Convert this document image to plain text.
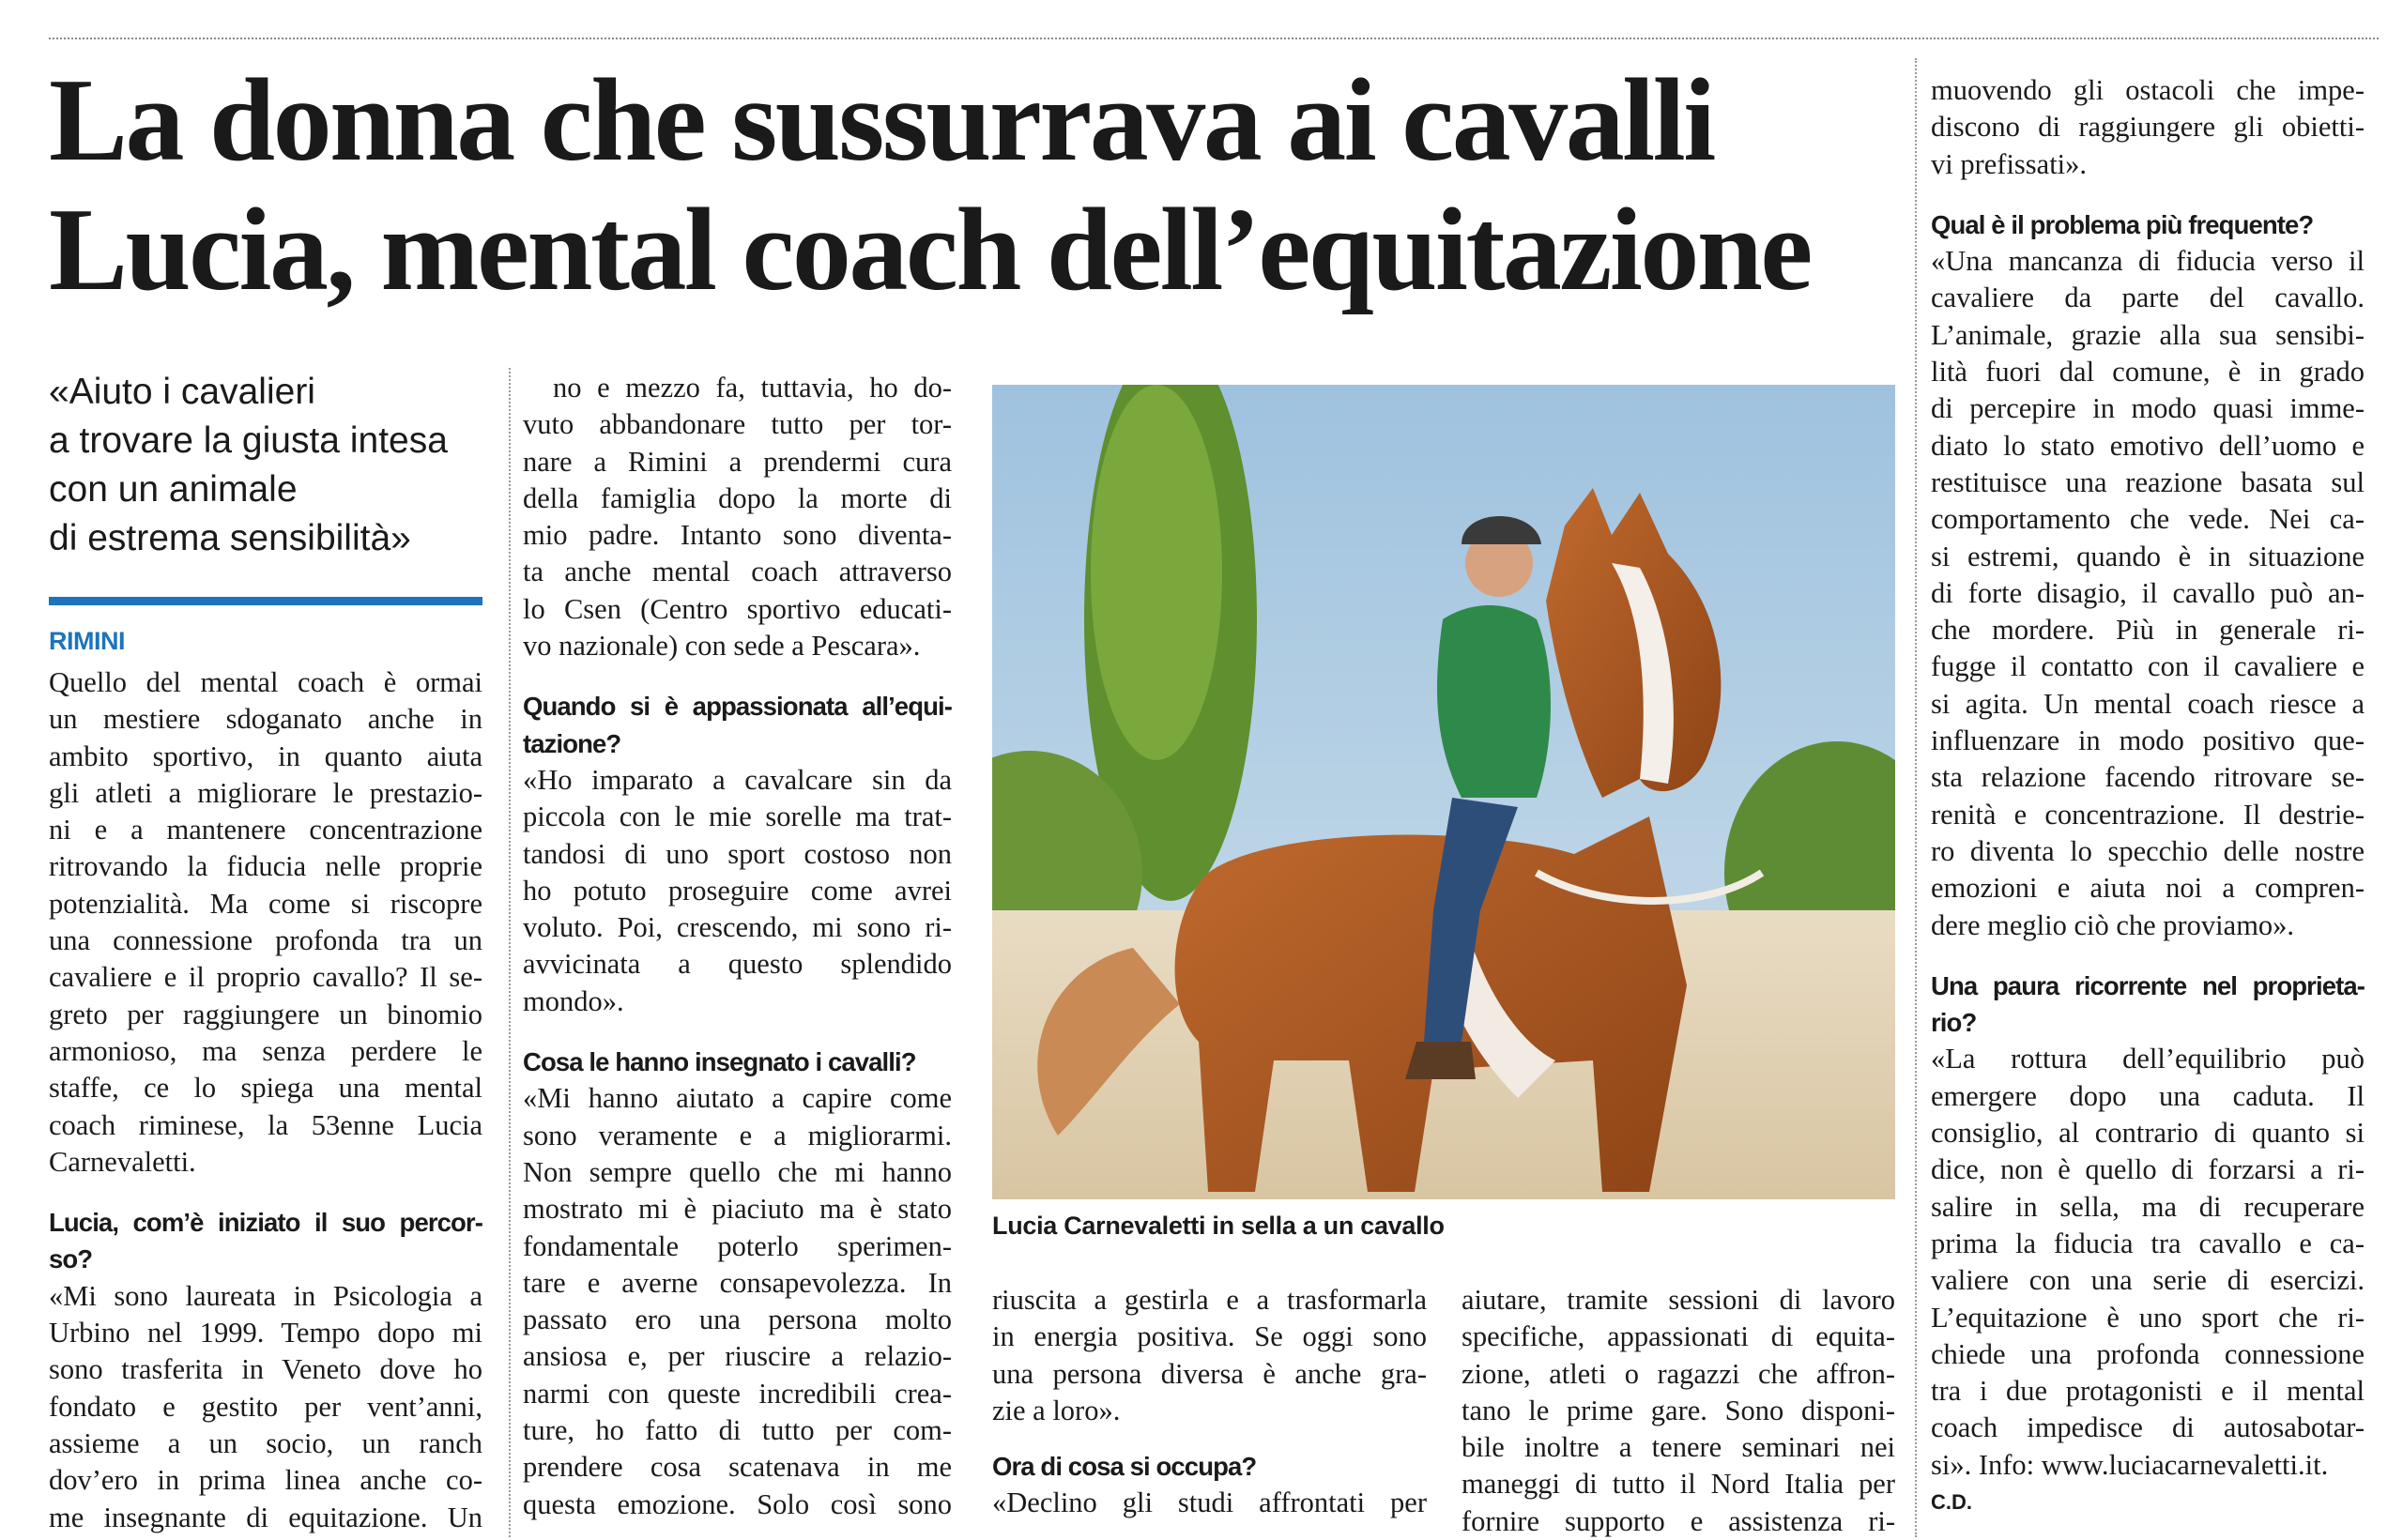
La donna che sussurrava ai cavalli
Lucia, mental coach dell’equitazione
«Aiuto i cavalieri
a trovare la giusta intesa
con un animale
di estrema sensibilità»
RIMINI
Quello del mental coach è ormai
un mestiere sdoganato anche in
ambito sportivo, in quanto aiuta
gli atleti a migliorare le prestazio-
ni e a mantenere concentrazione
ritrovando la fiducia nelle proprie
potenzialità. Ma come si riscopre
una connessione profonda tra un
cavaliere e il proprio cavallo? Il se-
greto per raggiungere un binomio
armonioso, ma senza perdere le
staffe, ce lo spiega una mental
coach riminese, la 53enne Lucia
Carnevaletti.
Lucia, com’è iniziato il suo percor-
so?
«Mi sono laureata in Psicologia a
Urbino nel 1999. Tempo dopo mi
sono trasferita in Veneto dove ho
fondato e gestito per vent’anni,
assieme a un socio, un ranch
dov’ero in prima linea anche co-
me insegnante di equitazione. Un
no e mezzo fa, tuttavia, ho do-
vuto abbandonare tutto per tor-
nare a Rimini a prendermi cura
della famiglia dopo la morte di
mio padre. Intanto sono diventa-
ta anche mental coach attraverso
lo Csen (Centro sportivo educati-
vo nazionale) con sede a Pescara».
Quando si è appassionata all’equi-
tazione?
«Ho imparato a cavalcare sin da
piccola con le mie sorelle ma trat-
tandosi di uno sport costoso non
ho potuto proseguire come avrei
voluto. Poi, crescendo, mi sono ri-
avvicinata a questo splendido
mondo».
Cosa le hanno insegnato i cavalli?
«Mi hanno aiutato a capire come
sono veramente e a migliorarmi.
Non sempre quello che mi hanno
mostrato mi è piaciuto ma è stato
fondamentale poterlo sperimen-
tare e averne consapevolezza. In
passato ero una persona molto
ansiosa e, per riuscire a relazio-
narmi con queste incredibili crea-
ture, ho fatto di tutto per com-
prendere cosa scatenava in me
questa emozione. Solo così sono
Lucia Carnevaletti in sella a un cavallo
riuscita a gestirla e a trasformarla
in energia positiva. Se oggi sono
una persona diversa è anche gra-
zie a loro».
Ora di cosa si occupa?
«Declino gli studi affrontati per
aiutare, tramite sessioni di lavoro
specifiche, appassionati di equita-
zione, atleti o ragazzi che affron-
tano le prime gare. Sono disponi-
bile inoltre a tenere seminari nei
maneggi di tutto il Nord Italia per
fornire supporto e assistenza ri-
muovendo gli ostacoli che impe-
discono di raggiungere gli obietti-
vi prefissati».
Qual è il problema più frequente?
«Una mancanza di fiducia verso il
cavaliere da parte del cavallo.
L’animale, grazie alla sua sensibi-
lità fuori dal comune, è in grado
di percepire in modo quasi imme-
diato lo stato emotivo dell’uomo e
restituisce una reazione basata sul
comportamento che vede. Nei ca-
si estremi, quando è in situazione
di forte disagio, il cavallo può an-
che mordere. Più in generale ri-
fugge il contatto con il cavaliere e
si agita. Un mental coach riesce a
influenzare in modo positivo que-
sta relazione facendo ritrovare se-
renità e concentrazione. Il destrie-
ro diventa lo specchio delle nostre
emozioni e aiuta noi a compren-
dere meglio ciò che proviamo».
Una paura ricorrente nel proprieta-
rio?
«La rottura dell’equilibrio può
emergere dopo una caduta. Il
consiglio, al contrario di quanto si
dice, non è quello di forzarsi a ri-
salire in sella, ma di recuperare
prima la fiducia tra cavallo e ca-
valiere con una serie di esercizi.
L’equitazione è uno sport che ri-
chiede una profonda connessione
tra i due protagonisti e il mental
coach impedisce di autosabotar-
si». Info: www.luciacarnevaletti.it.
C.D.
